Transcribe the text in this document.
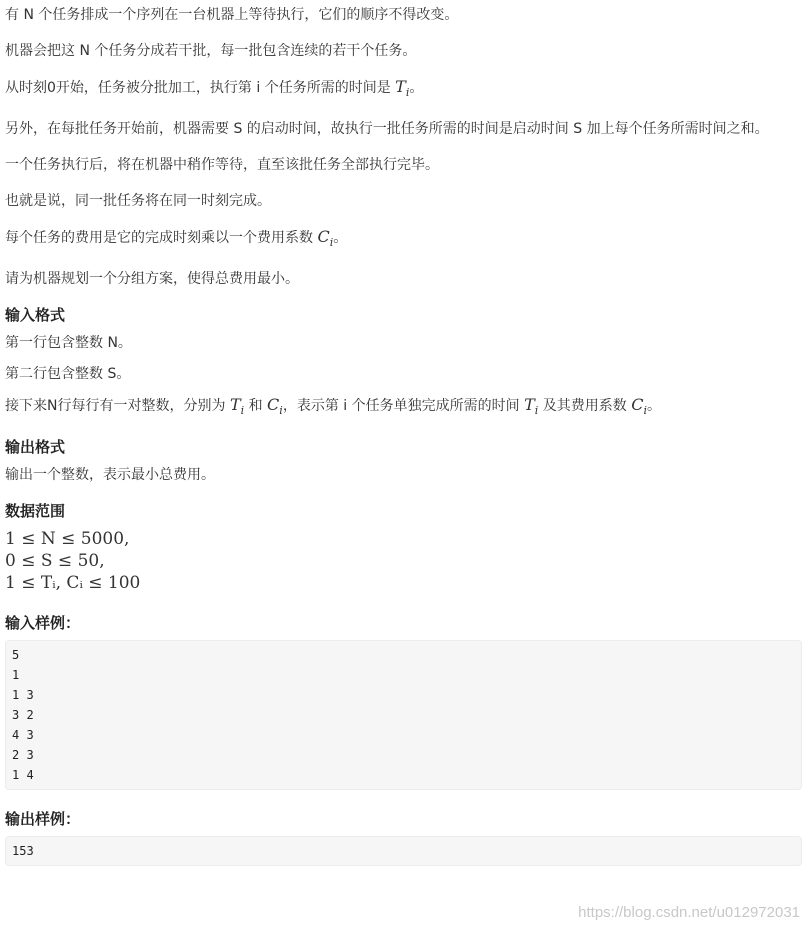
有 N 个任务排成一个序列在一台机器上等待执行，它们的顺序不得改变。

机器会把这 N 个任务分成若干批，每一批包含连续的若干个任务。

从时刻0开始，任务被分批加工，执行第 i 个任务所需的时间是 $T_i$。

另外，在每批任务开始前，机器需要 S 的启动时间，故执行一批任务所需的时间是启动时间 S 加上每个任务所需时间之和。

一个任务执行后，将在机器中稍作等待，直至该批任务全部执行完毕。

也就是说，同一批任务将在同一时刻完成。

每个任务的费用是它的完成时刻乘以一个费用系数 $C_i$。

请为机器规划一个分组方案，使得总费用最小。

输入格式

第一行包含整数 N。

第二行包含整数 S。

接下来N行每行有一对整数，分别为 $T_i$ 和 $C_i$，表示第 i 个任务单独完成所需的时间 $T_i$ 及其费用系数 $C_i$。

输出格式

输出一个整数，表示最小总费用。

数据范围
1 ≤ N ≤ 5000,
0 ≤ S ≤ 50,
1 ≤ Tᵢ, Cᵢ ≤ 100
输入样例：
5
1
1 3
3 2
4 3
2 3
1 4
输出样例：
153
https://blog.csdn.net/u012972031
